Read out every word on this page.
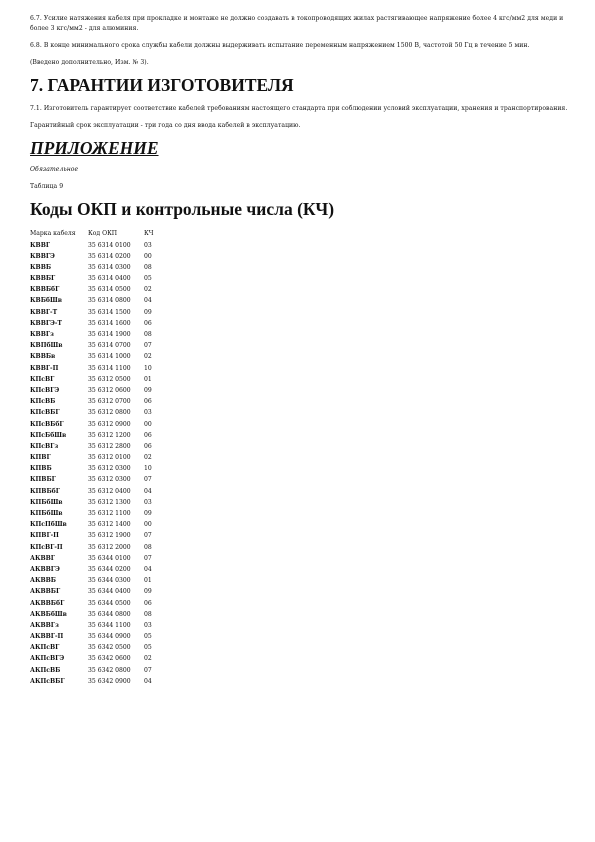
6.7. Усилие натяжения кабеля при прокладке и монтаже не должно создавать в токопроводящих жилах растягивающее напряжение более 4 кгс/мм2 для меди и более 3 кгс/мм2 - для алюминия.

6.8. В конце минимального срока службы кабели должны выдерживать испытание переменным напряжением 1500 В, частотой 50 Гц в течение 5 мин.

(Введено дополнительно, Изм. № 3).

7. ГАРАНТИИ ИЗГОТОВИТЕЛЯ

7.1. Изготовитель гарантирует соответствие кабелей требованиям настоящего стандарта при соблюдении условий эксплуатации, хранения и транспортирования.

Гарантийный срок эксплуатации - три года со дня ввода кабелей в эксплуатацию.

ПРИЛОЖЕНИЕ

Обязательное

Таблица 9

Коды ОКП и контрольные числа (КЧ)
Марка кабеля	Код ОКП	КЧ
КВВГ	35 6314 0100	03
КВВГЭ	35 6314 0200	00
КВВБ	35 6314 0300	08
КВВБГ	35 6314 0400	05
КВВБбГ	35 6314 0500	02
КВБбШв	35 6314 0800	04
КВВГ-Т	35 6314 1500	09
КВВГЭ-Т	35 6314 1600	06
КВВГз	35 6314 1900	08
КВПбШв	35 6314 0700	07
КВВБв	35 6314 1000	02
КВВГ-П	35 6314 1100	10
КПсВГ	35 6312 0500	01
КПсВГЭ	35 6312 0600	09
КПсВБ	35 6312 0700	06
КПсВБГ	35 6312 0800	03
КПсВБбГ	35 6312 0900	00
КПсБбШв	35 6312 1200	06
КПсВГз	35 6312 2800	06
КПВГ	35 6312 0100	02
КПВБ	35 6312 0300	10
КПВБГ	35 6312 0300	07
КПВБбГ	35 6312 0400	04
КПБбШв	35 6312 1300	03
КПБбШв	35 6312 1100	09
КПсПбШв	35 6312 1400	00
КПВГ-П	35 6312 1900	07
КПсВГ-П	35 6312 2000	08
АКВВГ	35 6344 0100	07
АКВВГЭ	35 6344 0200	04
АКВВБ	35 6344 0300	01
АКВВБГ	35 6344 0400	09
АКВВБбГ	35 6344 0500	06
АКВБбШв	35 6344 0800	08
АКВВГз	35 6344 1100	03
АКВВГ-П	35 6344 0900	05
АКПсВГ	35 6342 0500	05
АКПсВГЭ	35 6342 0600	02
АКПсВБ	35 6342 0800	07
АКПсВБГ	35 6342 0900	04
